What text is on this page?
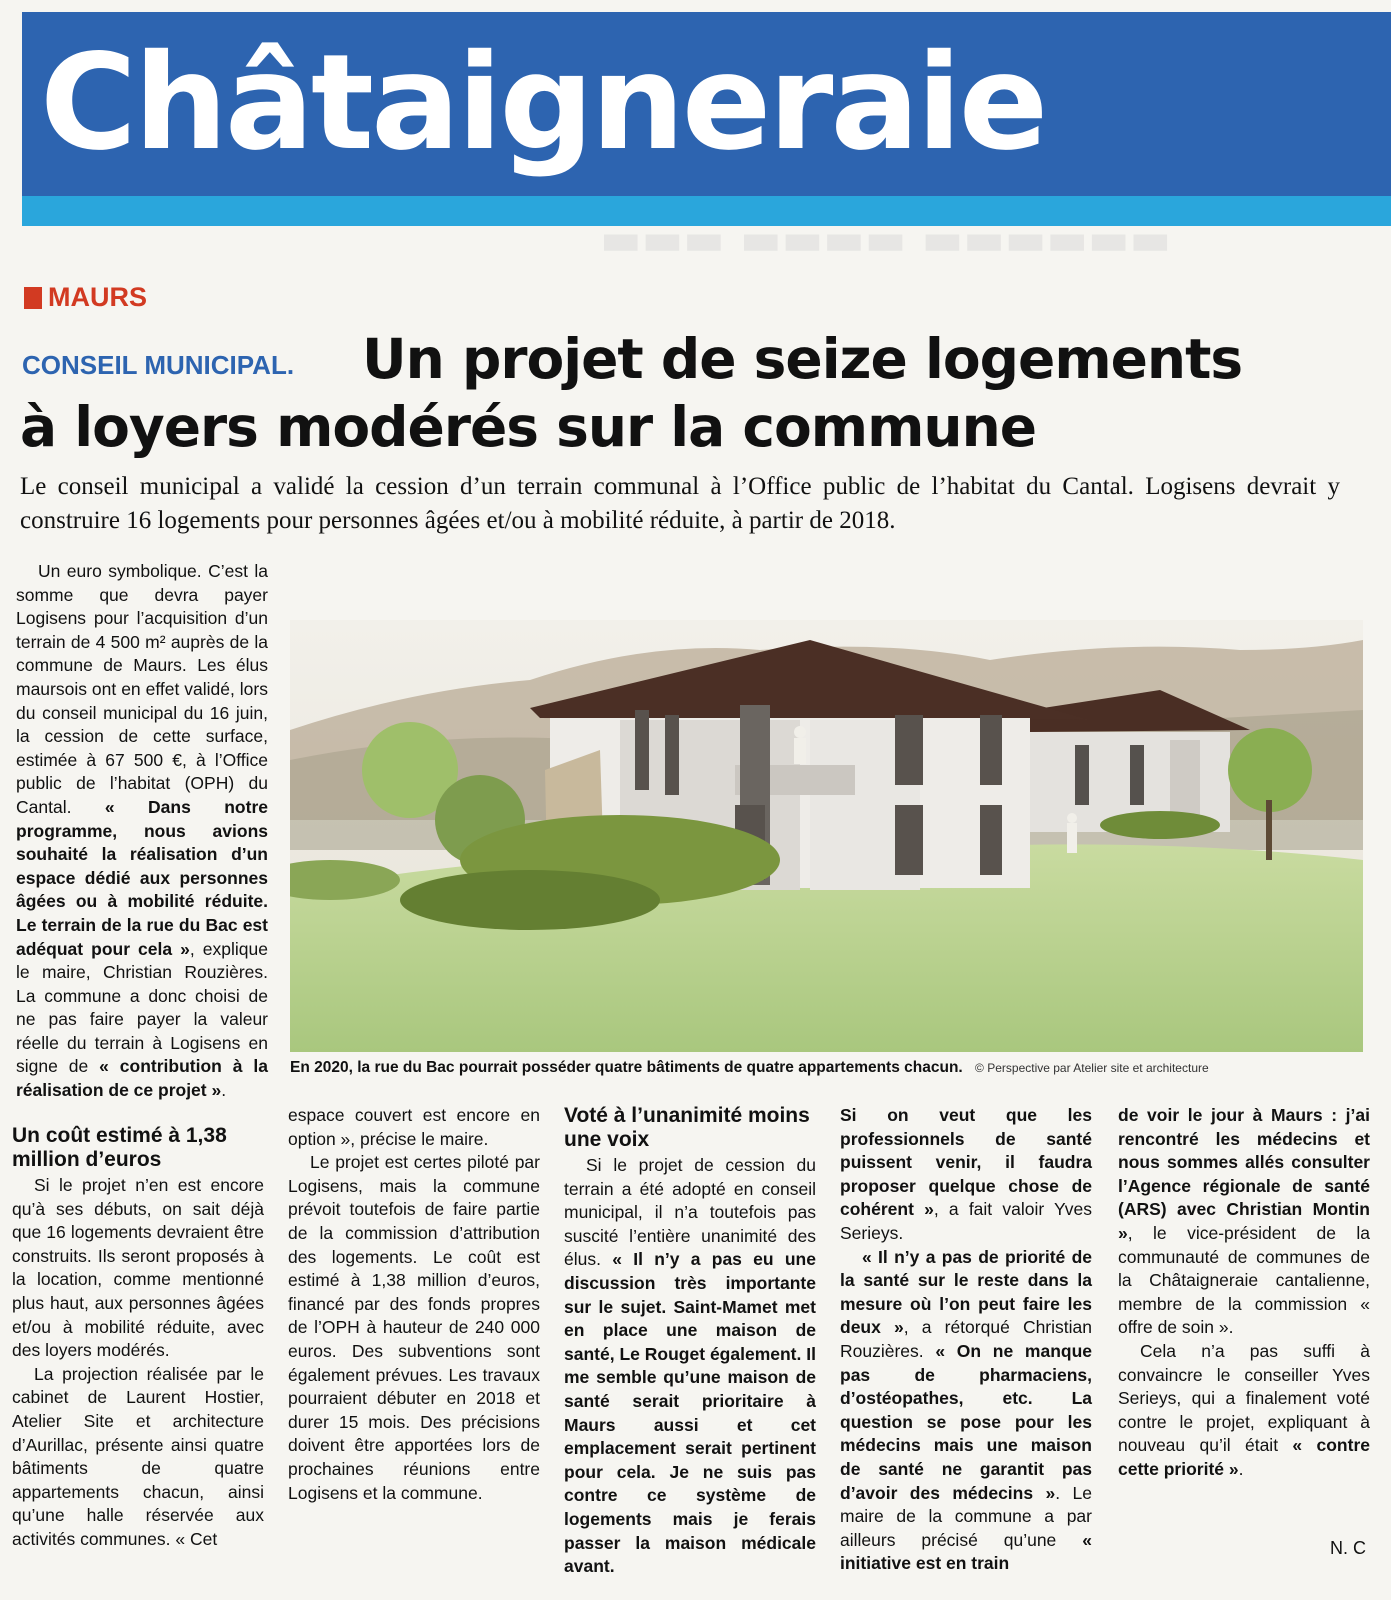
Châtaigneraie
▬▬▬ ▬▬▬▬ ▬▬▬▬▬▬
MAURS
CONSEIL MUNICIPAL. Un projet de seize logements
à loyers modérés sur la commune

Le conseil municipal a validé la cession d’un terrain communal à l’Office public de l’habitat du Cantal. Logisens devrait y construire 16 logements pour personnes âgées et/ou à mobilité réduite, à partir de 2018.

Un euro symbolique. C’est la somme que devra payer Logisens pour l’acquisition d’un terrain de 4 500 m² auprès de la commune de Maurs. Les élus maursois ont en effet validé, lors du conseil municipal du 16 juin, la cession de cette surface, estimée à 67 500 €, à l’Office public de l’habitat (OPH) du Cantal. « Dans notre programme, nous avions souhaité la réalisation d’un espace dédié aux personnes âgées ou à mobilité réduite. Le terrain de la rue du Bac est adéquat pour cela », explique le maire, Christian Rouzières. La commune a donc choisi de ne pas faire payer la valeur réelle du terrain à Logisens en signe de « contribution à la réalisation de ce projet ».

Un coût estimé à 1,38 million d’euros

Si le projet n’en est encore qu’à ses débuts, on sait déjà que 16 logements devraient être construits. Ils seront proposés à la location, comme mentionné plus haut, aux personnes âgées et/ou à mobilité réduite, avec des loyers modérés.

La projection réalisée par le cabinet de Laurent Hostier, Atelier Site et architecture d’Aurillac, présente ainsi quatre bâtiments de quatre appartements chacun, ainsi qu’une halle réservée aux activités communes. « Cet

espace couvert est encore en option », précise le maire.

Le projet est certes piloté par Logisens, mais la commune prévoit toutefois de faire partie de la commission d’attribution des logements. Le coût est estimé à 1,38 million d’euros, financé par des fonds propres de l’OPH à hauteur de 240 000 euros. Des subventions sont également prévues. Les travaux pourraient débuter en 2018 et durer 15 mois. Des précisions doivent être apportées lors de prochaines réunions entre Logisens et la commune.

Voté à l’unanimité moins une voix

Si le projet de cession du terrain a été adopté en conseil municipal, il n’a toutefois pas suscité l’entière unanimité des élus. « Il n’y a pas eu une discussion très importante sur le sujet. Saint-Mamet met en place une maison de santé, Le Rouget également. Il me semble qu’une maison de santé serait prioritaire à Maurs aussi et cet emplacement serait pertinent pour cela. Je ne suis pas contre ce système de logements mais je ferais passer la maison médicale avant.

Si on veut que les professionnels de santé puissent venir, il faudra proposer quelque chose de cohérent », a fait valoir Yves Serieys.

« Il n’y a pas de priorité de la santé sur le reste dans la mesure où l’on peut faire les deux », a rétorqué Christian Rouzières. « On ne manque pas de pharmaciens, d’ostéopathes, etc. La question se pose pour les médecins mais une maison de santé ne garantit pas d’avoir des médecins ». Le maire de la commune a par ailleurs précisé qu’une « initiative est en train

de voir le jour à Maurs : j’ai rencontré les médecins et nous sommes allés consulter l’Agence régionale de santé (ARS) avec Christian Montin », le vice-président de la communauté de communes de la Châtaigneraie cantalienne, membre de la commission « offre de soin ».

Cela n’a pas suffi à convaincre le conseiller Yves Serieys, qui a finalement voté contre le projet, expliquant à nouveau qu’il était « contre cette priorité ».

N. C
En 2020, la rue du Bac pourrait posséder quatre bâtiments de quatre appartements chacun. © Perspective par Atelier site et architecture
